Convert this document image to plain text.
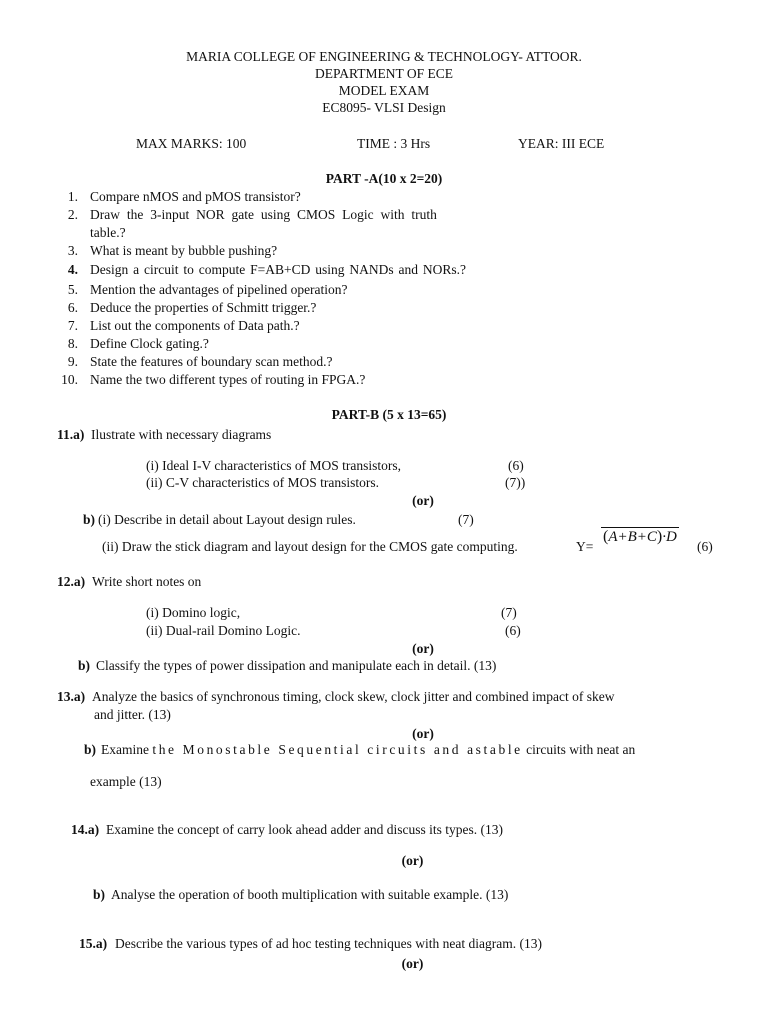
MARIA COLLEGE OF ENGINEERING & TECHNOLOGY- ATTOOR.
DEPARTMENT OF ECE
MODEL EXAM
EC8095- VLSI Design
MAX MARKS: 100	TIME : 3 Hrs	YEAR: III ECE
PART -A(10 x 2=20)
1. Compare nMOS and pMOS transistor?
2. Draw the 3-input NOR gate using CMOS Logic with truth
table.?
3. What is meant by bubble pushing?
4. Design a circuit to compute F=AB+CD using NANDs and NORs.?
5. Mention the advantages of pipelined operation?
6. Deduce the properties of Schmitt trigger.?
7. List out the components of Data path.?
8. Define Clock gating.?
9. State the features of boundary scan method.?
10. Name the two different types of routing in FPGA.?
PART-B (5 x 13=65)
11.a) Ilustrate with necessary diagrams
(i) Ideal I-V characteristics of MOS transistors,	(6)
(ii) C-V characteristics of MOS transistors.	(7))
(or)
b) (i) Describe in detail about Layout design rules.	(7)
(ii) Draw the stick diagram and layout design for the CMOS gate computing.	Y=
(A+B+C)·D
(6)
12.a) Write short notes on
(i) Domino logic,	(7)
(ii) Dual-rail Domino Logic.	(6)
(or)
b) Classify the types of power dissipation and manipulate each in detail. (13)
13.a) Analyze the basics of synchronous timing, clock skew, clock jitter and combined impact of skew
and jitter. (13)
(or)
b) Examine the Monostable Sequential circuits and astable circuits with neat an
example (13)
14.a) Examine the concept of carry look ahead adder and discuss its types. (13)
(or)
b) Analyse the operation of booth multiplication with suitable example. (13)
15.a) Describe the various types of ad hoc testing techniques with neat diagram. (13)
(or)
